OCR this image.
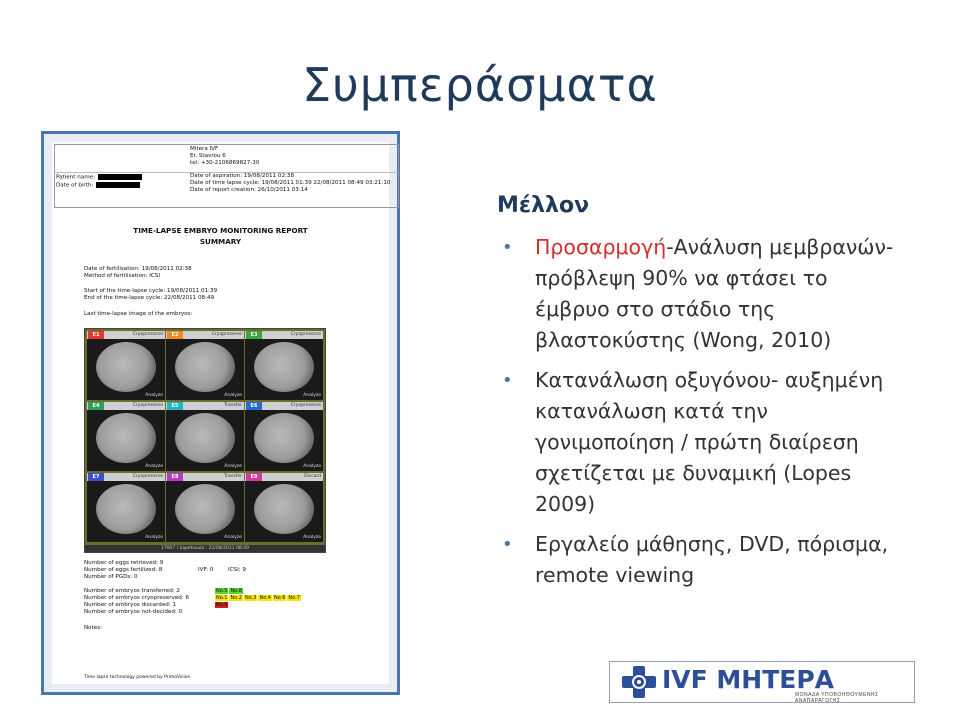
Συμπεράσματα
Mitera IVF
Er. Stavrou 6
tel: +30-2106869827-30
Patient name:
Date of birth:
Date of aspiration: 19/08/2011 02:38
Date of time lapse cycle: 19/08/2011 01:39 22/08/2011 08:49 03:21:10
Date of report creation: 26/10/2011 03:14
TIME-LAPSE EMBRYO MONITORING REPORT
SUMMARY
Date of fertilisation: 19/08/2011 02:38
Method of fertilisation: ICSI
Start of the time-lapse cycle: 19/08/2011 01:39
End of the time-lapse cycle: 22/08/2011 08:49
Last time-lapse image of the embryos:
17007 / kapetsoula : 22/08/2011 08:49
E1	Cryopreserve
Analyze
E2	Cryopreserve
Analyze
E3	Cryopreserve
Analyze
E4	Cryopreserve
Analyze
E5	Transfer
Analyze
E6	Cryopreserve
Analyze
E7	Cryopreserve
Analyze
E8	Transfer
Analyze
E9	Discard
Analyze
Number of eggs retrieved: 9
Number of eggs fertilized: 8	IVF: 0	ICSI: 9
Number of PGDs: 0
Number of embryos transferred: 2
Number of embryos cryopreserved: 6
Number of embryos discarded: 1
Number of embryos not-decided: 0
No.5 No.8
No.1 No.2 No.3 No.4 No.6 No.7
No.9
Notes:
Time lapse technology powered by PrimoVision
Μέλλον
• Προσαρμογή-Ανάλυση μεμβρανών- πρόβλεψη 90% να φτάσει το έμβρυο στο στάδιο της βλαστοκύστης (Wong, 2010)
• Κατανάλωση οξυγόνου- αυξημένη κατανάλωση κατά την γονιμοποίηση / πρώτη διαίρεση σχετίζεται με δυναμική (Lopes 2009)
• Εργαλείο μάθησης, DVD, πόρισμα, remote viewing
IVF ΜΗΤΕΡΑ
ΜΟΝΑΔΑ ΥΠΟΒΟΗΘΟΥΜΕΝΗΣ ΑΝΑΠΑΡΑΓΩΓΗΣ
